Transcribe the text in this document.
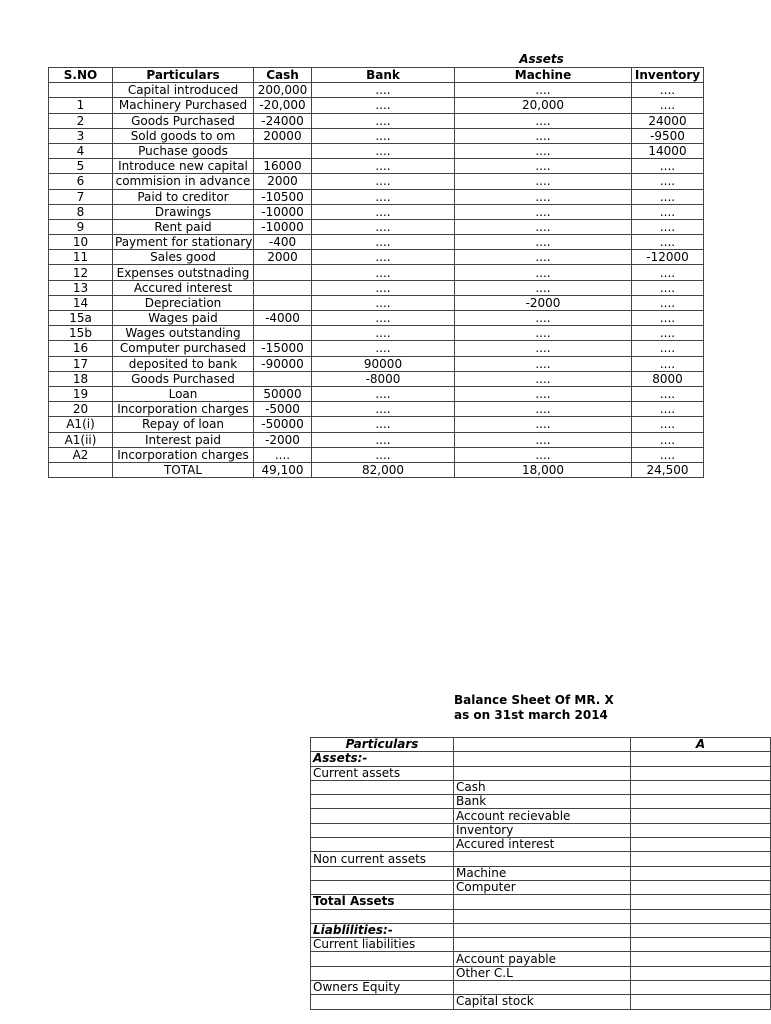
Assets
S.NO	Particulars	Cash	Bank	Machine	Inventory
	Capital introduced	200,000	....	....	....
1	Machinery Purchased	-20,000	....	20,000	....
2	Goods Purchased	-24000	....	....	24000
3	Sold goods to om	20000	....	....	-9500
4	Puchase goods		....	....	14000
5	Introduce new capital	16000	....	....	....
6	commision in advance	2000	....	....	....
7	Paid to creditor	-10500	....	....	....
8	Drawings	-10000	....	....	....
9	Rent paid	-10000	....	....	....
10	Payment for stationary	-400	....	....	....
11	Sales good	2000	....	....	-12000
12	Expenses outstnading		....	....	....
13	Accured interest		....	....	....
14	Depreciation		....	-2000	....
15a	Wages paid	-4000	....	....	....
15b	Wages outstanding		....	....	....
16	Computer purchased	-15000	....	....	....
17	deposited to bank	-90000	90000	....	....
18	Goods Purchased		-8000	....	8000
19	Loan	50000	....	....	....
20	Incorporation charges	-5000	....	....	....
A1(i)	Repay of loan	-50000	....	....	....
A1(ii)	Interest paid	-2000	....	....	....
A2	Incorporation charges	....	....	....	....
	TOTAL	49,100	82,000	18,000	24,500
Balance Sheet Of MR. X
as on 31st march 2014
Particulars		A
Assets:-		
Current assets		
	Cash	
	Bank	
	Account recievable	
	Inventory	
	Accured interest	
Non current assets		
	Machine	
	Computer	
Total Assets		

Liablilities:-		
Current liabilities		
	Account payable	
	Other C.L	
Owners Equity		
	Capital stock	
